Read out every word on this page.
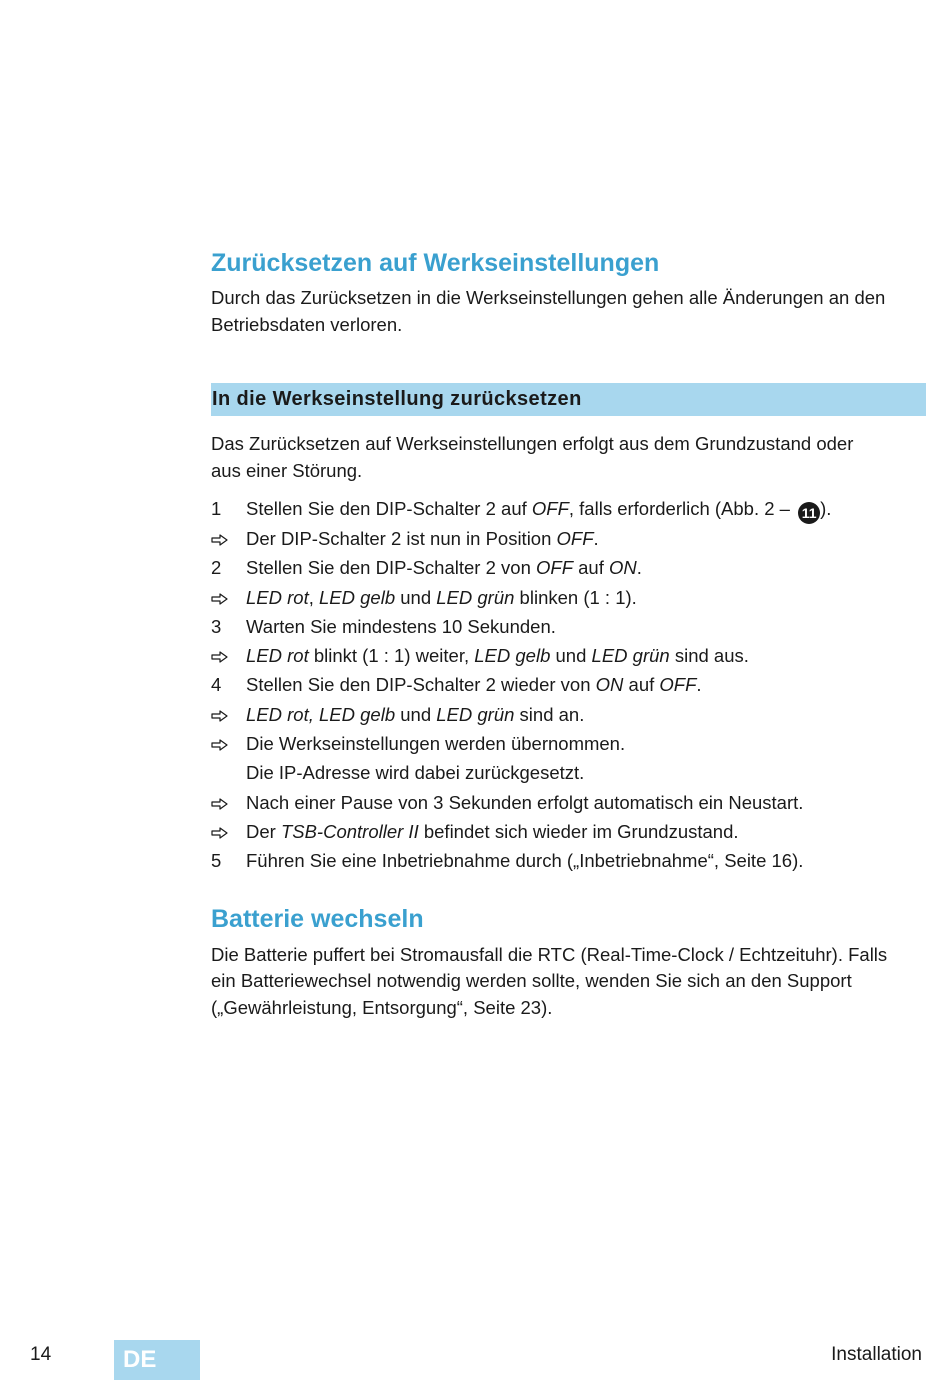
Zurücksetzen auf Werkseinstellungen

Durch das Zurücksetzen in die Werkseinstellungen gehen alle Änderungen an den
Betriebsdaten verloren.

In die Werkseinstellung zurücksetzen

Das Zurücksetzen auf Werkseinstellungen erfolgt aus dem Grundzustand oder
aus einer Störung.

1	Stellen Sie den DIP-Schalter 2 auf OFF, falls erforderlich (Abb. 2 – 11 ).
Der DIP-Schalter 2 ist nun in Position OFF.
2	Stellen Sie den DIP-Schalter 2 von OFF auf ON.
LED rot, LED gelb und LED grün blinken (1 : 1).
3	Warten Sie mindestens 10 Sekunden.
LED rot blinkt (1 : 1) weiter, LED gelb und LED grün sind aus.
4	Stellen Sie den DIP-Schalter 2 wieder von ON auf OFF.
LED rot, LED gelb und LED grün sind an.
Die Werkseinstellungen werden übernommen.
Die IP-Adresse wird dabei zurückgesetzt.
Nach einer Pause von 3 Sekunden erfolgt automatisch ein Neustart.
Der TSB-Controller II befindet sich wieder im Grundzustand.
5	Führen Sie eine Inbetriebnahme durch („Inbetriebnahme“, Seite 16).
Batterie wechseln

Die Batterie puffert bei Stromausfall die RTC (Real-Time-Clock / Echtzeituhr). Falls
ein Batteriewechsel notwendig werden sollte, wenden Sie sich an den Support
(„Gewährleistung, Entsorgung“, Seite 23).

14	DE	Installation
